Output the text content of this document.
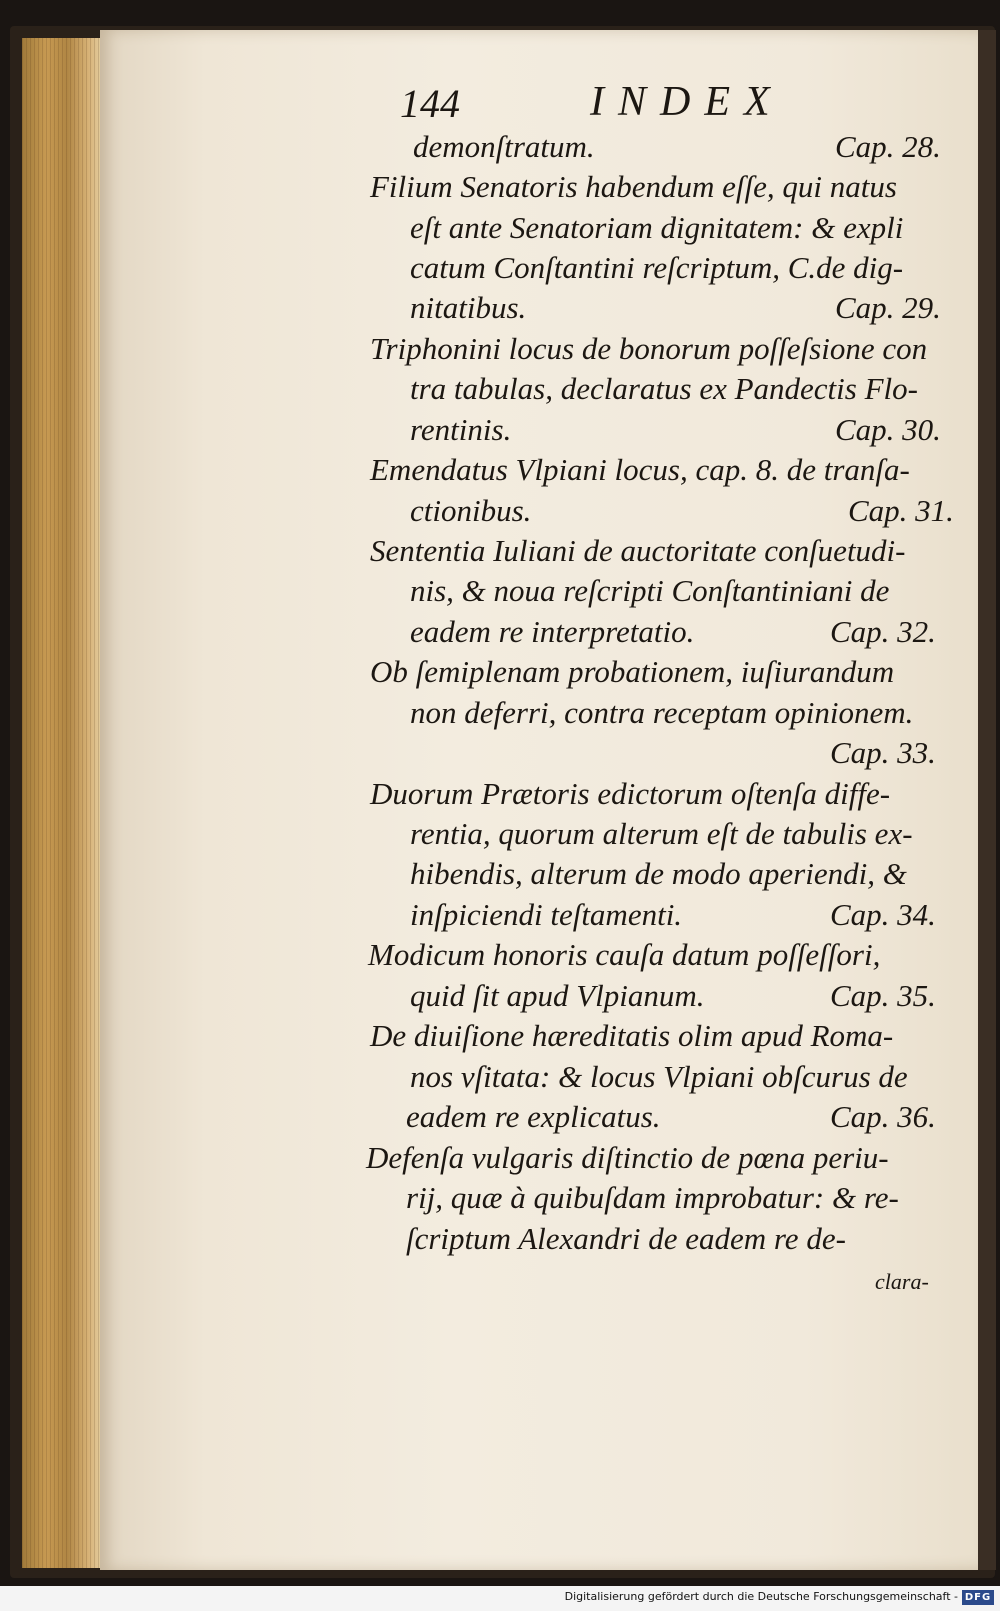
144	INDEX
demonſtratum.	Cap. 28.
Filium Senatoris habendum eſſe, qui natus
eſt ante Senatoriam dignitatem: & expli
catum Conſtantini reſcriptum, C.de dig-
nitatibus.	Cap. 29.
Triphonini locus de bonorum poſſeſsione con
tra tabulas, declaratus ex Pandectis Flo-
rentinis.	Cap. 30.
Emendatus Vlpiani locus, cap. 8. de tranſa-
ctionibus.	Cap. 31.
Sententia Iuliani de auctoritate conſuetudi-
nis, & noua reſcripti Conſtantiniani de
eadem re interpretatio.	Cap. 32.
Ob ſemiplenam probationem, iuſiurandum
non deferri, contra receptam opinionem.
Cap. 33.
Duorum Prætoris edictorum oſtenſa diffe-
rentia, quorum alterum eſt de tabulis ex-
hibendis, alterum de modo aperiendi, &
inſpiciendi teſtamenti.	Cap. 34.
Modicum honoris cauſa datum poſſeſſori,
quid ſit apud Vlpianum.	Cap. 35.
De diuiſione hæreditatis olim apud Roma-
nos vſitata: & locus Vlpiani obſcurus de
eadem re explicatus.	Cap. 36.
Defenſa vulgaris diſtinctio de pœna periu-
rij, quæ à quibuſdam improbatur: & re-
ſcriptum Alexandri de eadem re de-
clara-
Digitalisierung gefördert durch die Deutsche Forschungsgemeinschaft - DFG
